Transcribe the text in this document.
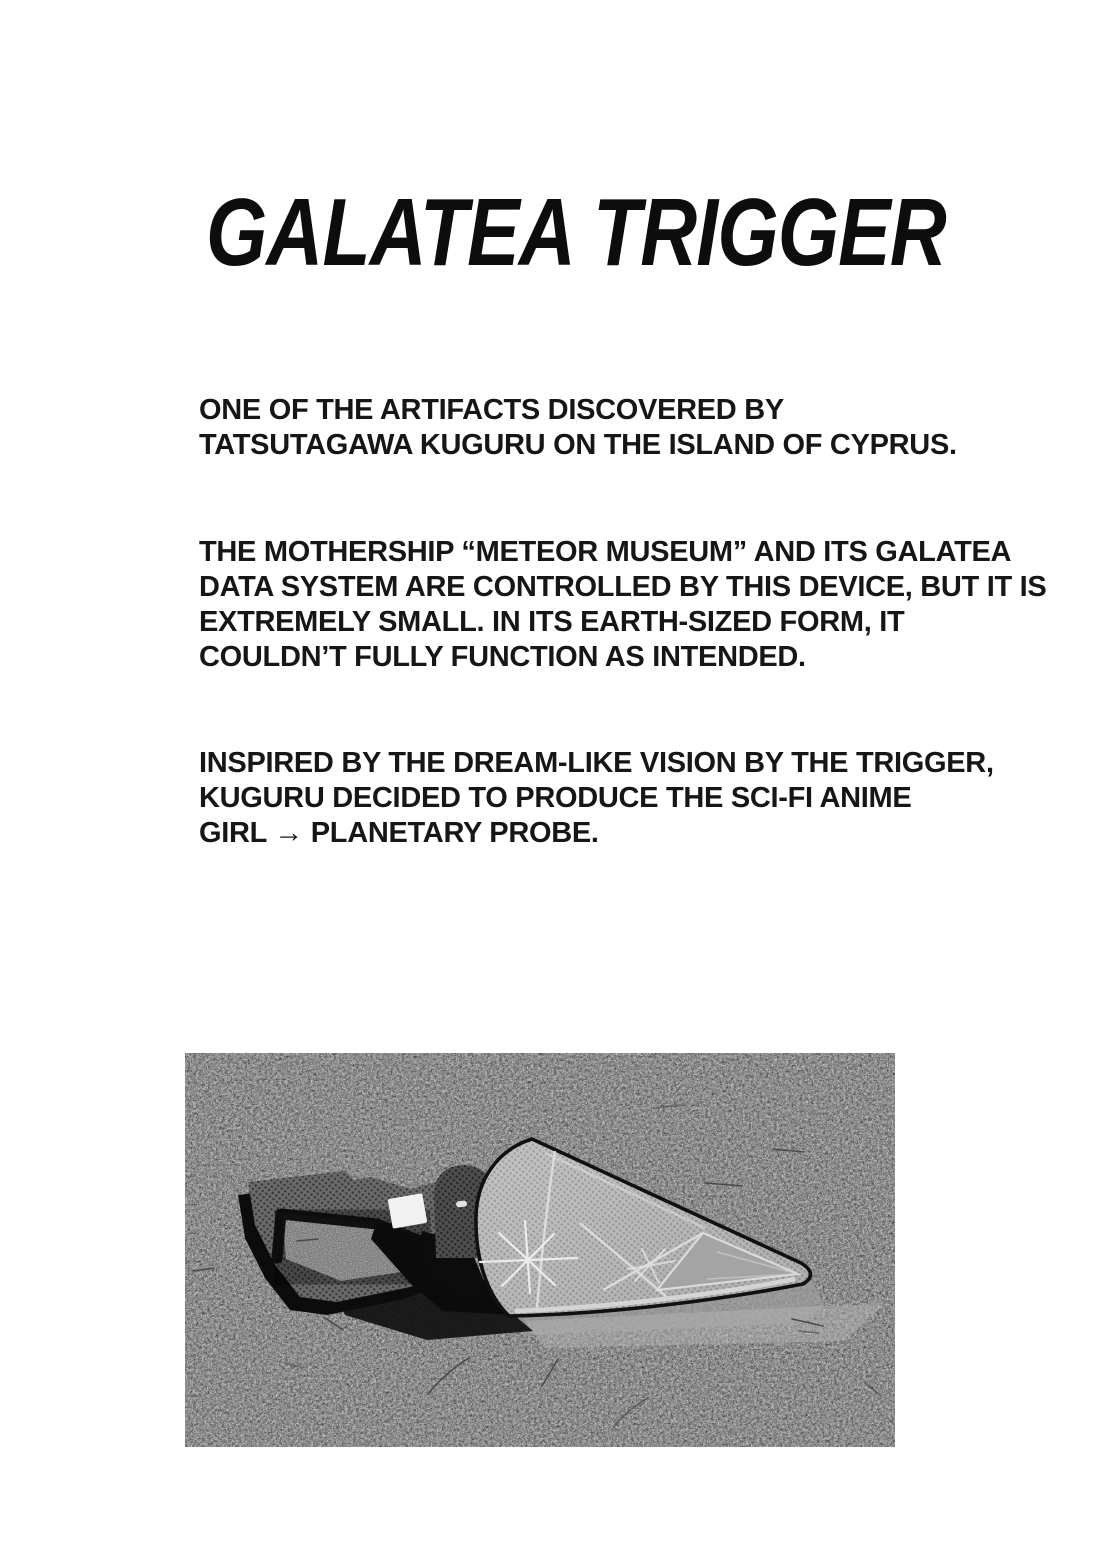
GALATEA TRIGGER
ONE OF THE ARTIFACTS DISCOVERED BY
TATSUTAGAWA KUGURU ON THE ISLAND OF CYPRUS.
THE MOTHERSHIP “METEOR MUSEUM” AND ITS GALATEA
DATA SYSTEM ARE CONTROLLED BY THIS DEVICE, BUT IT IS
EXTREMELY SMALL. IN ITS EARTH-SIZED FORM, IT
COULDN’T FULLY FUNCTION AS INTENDED.
INSPIRED BY THE DREAM-LIKE VISION BY THE TRIGGER,
KUGURU DECIDED TO PRODUCE THE SCI-FI ANIME
GIRL → PLANETARY PROBE.
